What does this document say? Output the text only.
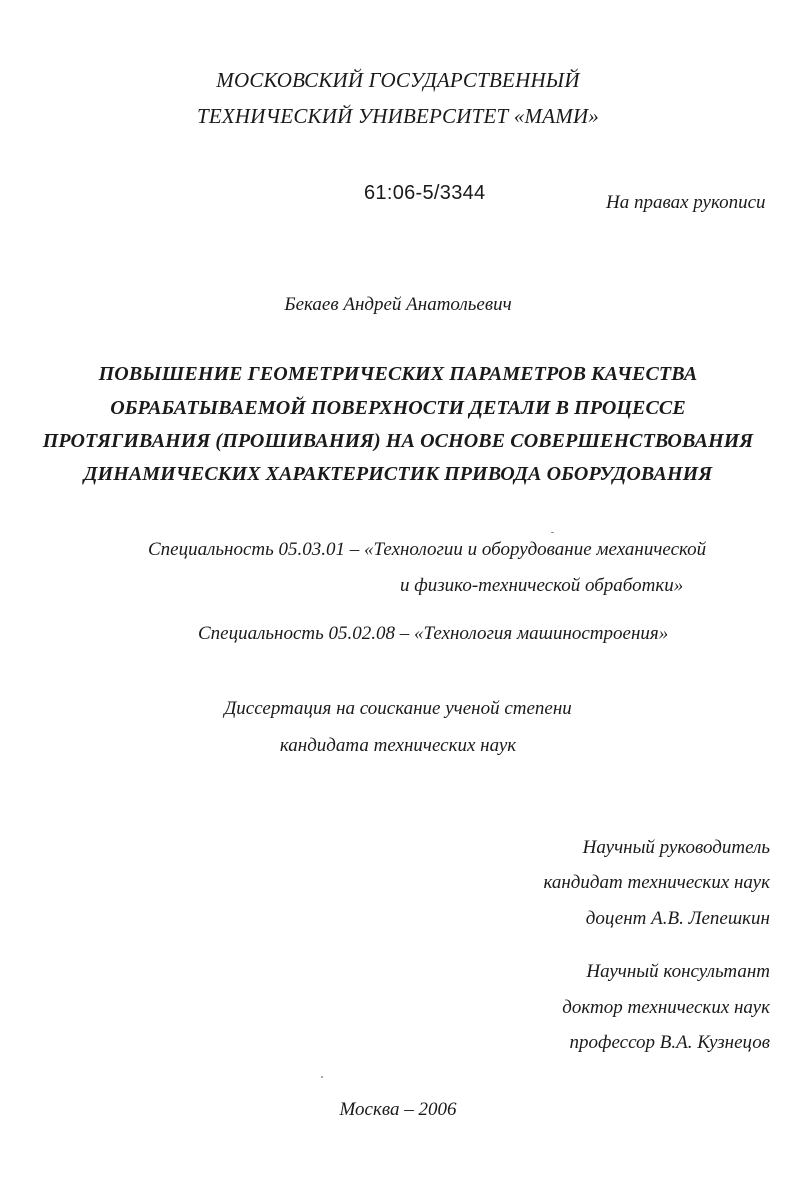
МОСКОВСКИЙ ГОСУДАРСТВЕННЫЙ
ТЕХНИЧЕСКИЙ УНИВЕРСИТЕТ «МАМИ»
61:06-5/3344	На правах рукописи
Бекаев Андрей Анатольевич
ПОВЫШЕНИЕ ГЕОМЕТРИЧЕСКИХ ПАРАМЕТРОВ КАЧЕСТВА
ОБРАБАТЫВАЕМОЙ ПОВЕРХНОСТИ ДЕТАЛИ В ПРОЦЕССЕ
ПРОТЯГИВАНИЯ (ПРОШИВАНИЯ) НА ОСНОВЕ СОВЕРШЕНСТВОВАНИЯ
ДИНАМИЧЕСКИХ ХАРАКТЕРИСТИК ПРИВОДА ОБОРУДОВАНИЯ
Специальность 05.03.01 – «Технологии и оборудование механической
и физико-технической обработки»
Специальность 05.02.08 – «Технология машиностроения»
Диссертация на соискание ученой степени
кандидата технических наук
Научный руководитель
кандидат технических наук
доцент А.В. Лепешкин
Научный консультант
доктор технических наук
профессор В.А. Кузнецов
Москва – 2006
